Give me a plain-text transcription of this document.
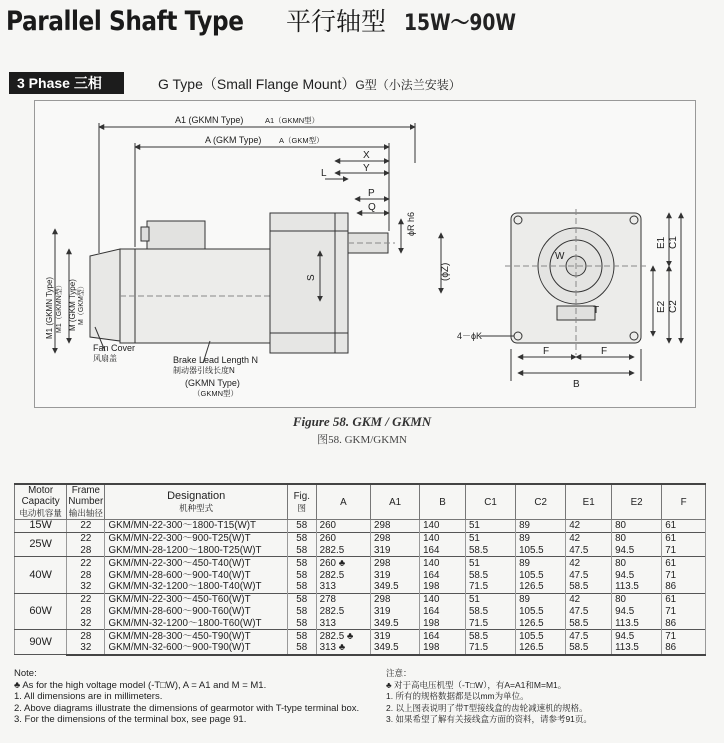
Parallel Shaft Type 平行轴型 15W～90W
3 Phase 三相	G Type（Small Flange Mount）G型（小法兰安装）
A1 (GKMN Type)	A1（GKMN型）
A (GKM Type) A（GKM型）
X
Y
L
P
Q
ϕR h6
(ϕZ)
S
M1 (GKMN Type) M1（GKMN型） M (GKM Type) M（GKM型）
Fan Cover
风扇盖	Brake Lead Length N
制动器引线长度N
(GKMN Type)
（GKMN型）
W
T
E1 C1
E2 C2
F	F
B
4－ϕK
Figure 58. GKM / GKMN
图58. GKM/GKMN
Motor Capacity
电动机容量	Frame Number
输出轴径	Designation
机种型式	Fig.
图	A	A1	B	C1	C2	E1	E2	F
15W	22	GKM/MN-22-300～1800-T15(W)T	58	260	298	140	51	89	42	80	61
25W	22	GKM/MN-22-300～900-T25(W)T	58	260	298	140	51	89	42	80	61
	28	GKM/MN-28-1200～1800-T25(W)T	58	282.5	319	164	58.5	105.5	47.5	94.5	71
40W	22	GKM/MN-22-300～450-T40(W)T	58	260 ♣	298	140	51	89	42	80	61
	28	GKM/MN-28-600～900-T40(W)T	58	282.5	319	164	58.5	105.5	47.5	94.5	71
	32	GKM/MN-32-1200～1800-T40(W)T	58	313	349.5	198	71.5	126.5	58.5	113.5	86
60W	22	GKM/MN-22-300～450-T60(W)T	58	278	298	140	51	89	42	80	61
	28	GKM/MN-28-600～900-T60(W)T	58	282.5	319	164	58.5	105.5	47.5	94.5	71
	32	GKM/MN-32-1200～1800-T60(W)T	58	313	349.5	198	71.5	126.5	58.5	113.5	86
90W	28	GKM/MN-28-300～450-T90(W)T	58	282.5 ♣	319	164	58.5	105.5	47.5	94.5	71
	32	GKM/MN-32-600～900-T90(W)T	58	313 ♣	349.5	198	71.5	126.5	58.5	113.5	86
Note:
♣ As for the high voltage model (-T□W), A = A1 and M = M1.
1. All dimensions are in millimeters.
2. Above diagrams illustrate the dimensions of gearmotor with T-type terminal box.
3. For the dimensions of the terminal box, see page 91.
注意：
♣ 对于高电压机型（-T□W），有A=A1和M=M1。
1. 所有的规格数据都是以mm为单位。
2. 以上图表说明了带T型接线盒的齿轮减速机的规格。
3. 如果希望了解有关接线盒方面的资料，请参考91页。
